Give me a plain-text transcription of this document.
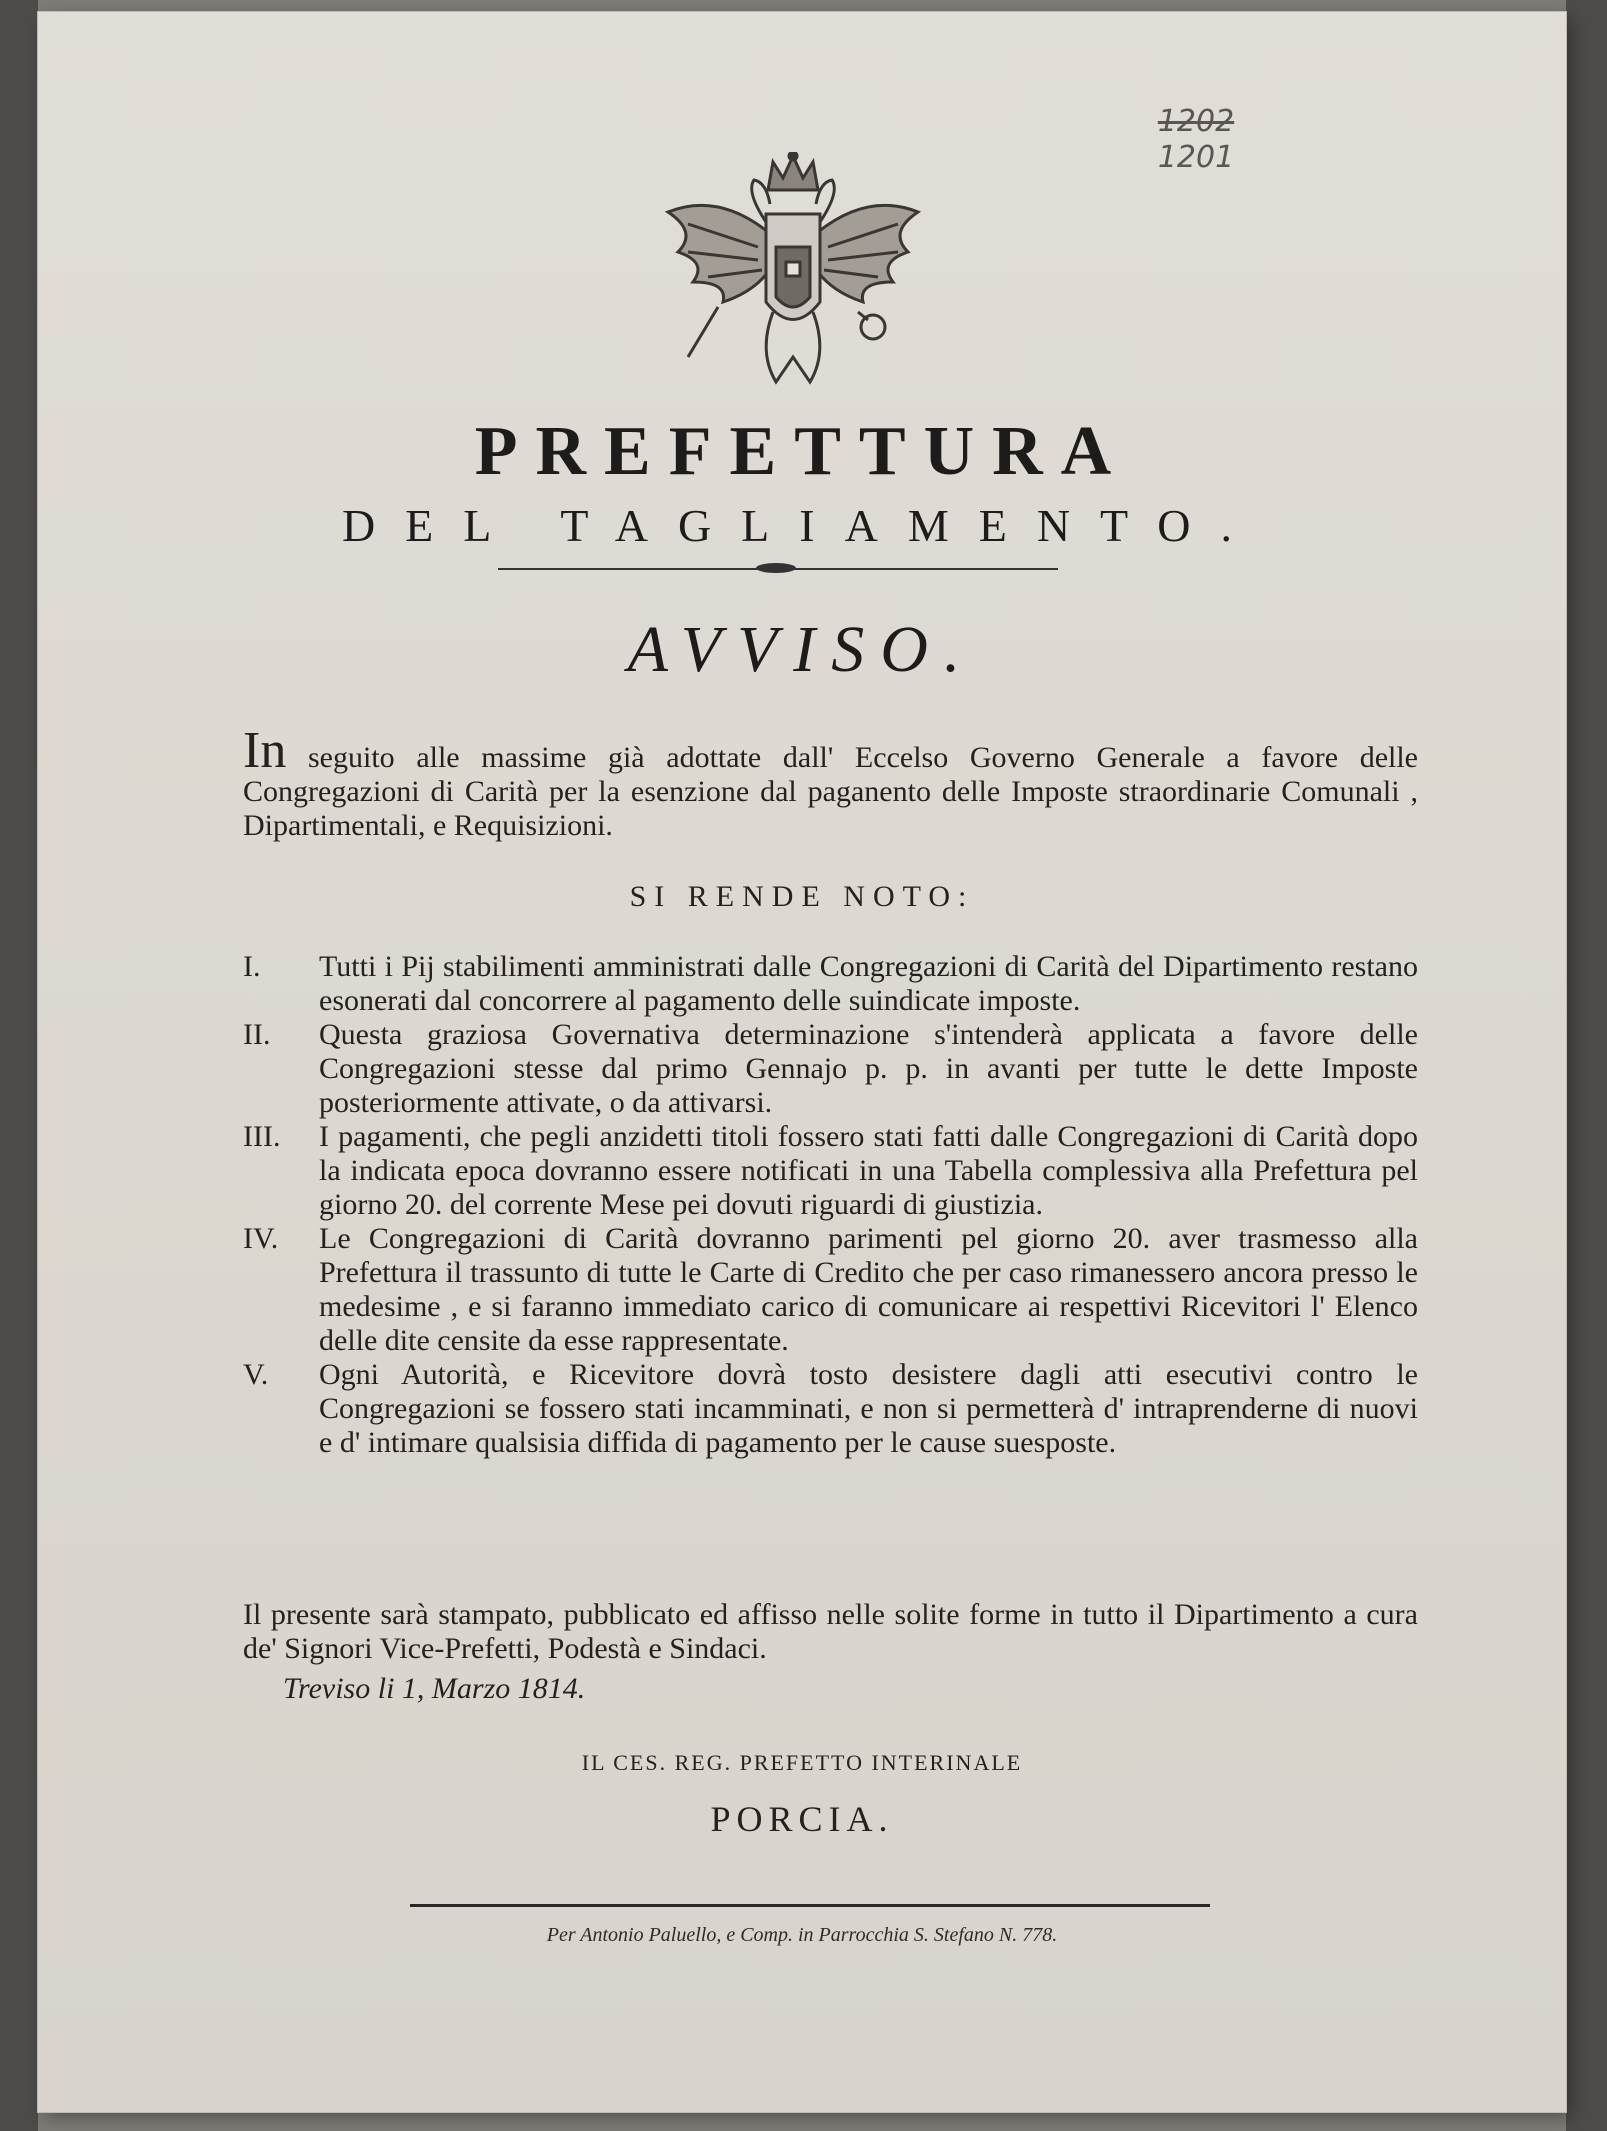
1202
1201
PREFETTURA
DEL TAGLIAMENTO.
AVVISO.
In seguito alle massime già adottate dall' Eccelso Governo Generale a favore delle Congregazioni di Carità per la esenzione dal paganento delle Imposte straordinarie Comunali , Dipartimentali, e Requisizioni.
SI RENDE NOTO:
I.	Tutti i Pij stabilimenti amministrati dalle Congregazioni di Carità del Dipartimento restano esonerati dal concorrere al pagamento delle suindicate imposte.
II.	Questa graziosa Governativa determinazione s'intenderà applicata a favore delle Congregazioni stesse dal primo Gennajo p. p. in avanti per tutte le dette Imposte posteriormente attivate, o da attivarsi.
III.	I pagamenti, che pegli anzidetti titoli fossero stati fatti dalle Congregazioni di Carità dopo la indicata epoca dovranno essere notificati in una Tabella complessiva alla Prefettura pel giorno 20. del corrente Mese pei dovuti riguardi di giustizia.
IV.	Le Congregazioni di Carità dovranno parimenti pel giorno 20. aver trasmesso alla Prefettura il trassunto di tutte le Carte di Credito che per caso rimanessero ancora presso le medesime , e si faranno immediato carico di comunicare ai respettivi Ricevitori l' Elenco delle dite censite da esse rappresentate.
V.	Ogni Autorità, e Ricevitore dovrà tosto desistere dagli atti esecutivi contro le Congregazioni se fossero stati incamminati, e non si permetterà d' intraprenderne di nuovi e d' intimare qualsisia diffida di pagamento per le cause suesposte.
Il presente sarà stampato, pubblicato ed affisso nelle solite forme in tutto il Dipartimento a cura de' Signori Vice-Prefetti, Podestà e Sindaci.
Treviso li 1, Marzo 1814.
IL CES. REG. PREFETTO INTERINALE
PORCIA.
Per Antonio Paluello, e Comp. in Parrocchia S. Stefano N. 778.
